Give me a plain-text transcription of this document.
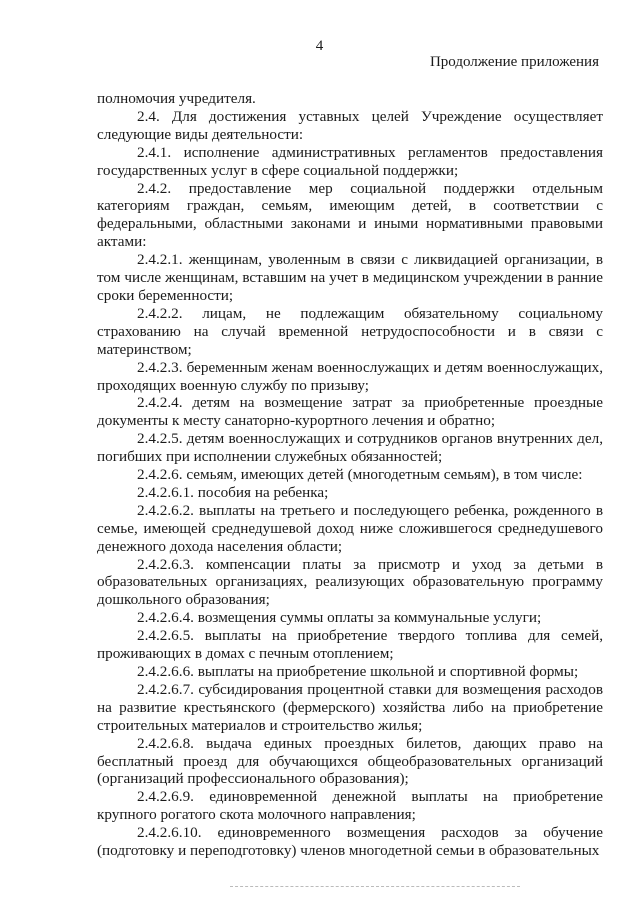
4
Продолжение приложения

полномочия учредителя.

2.4. Для достижения уставных целей Учреждение осуществляет следующие виды деятельности:

2.4.1. исполнение административных регламентов предоставления государственных услуг в сфере социальной поддержки;

2.4.2. предоставление мер социальной поддержки отдельным категориям граждан, семьям, имеющим детей, в соответствии с федеральными, областными законами и иными нормативными правовыми актами:

2.4.2.1. женщинам, уволенным в связи с ликвидацией организации, в том числе женщинам, вставшим на учет в медицинском учреждении в ранние сроки беременности;

2.4.2.2. лицам, не подлежащим обязательному социальному страхованию на случай временной нетрудоспособности и в связи с материнством;

2.4.2.3. беременным женам военнослужащих и детям военнослужащих, проходящих военную службу по призыву;

2.4.2.4. детям на возмещение затрат за приобретенные проездные документы к месту санаторно-курортного лечения и обратно;

2.4.2.5. детям военнослужащих и сотрудников органов внутренних дел, погибших при исполнении служебных обязанностей;

2.4.2.6. семьям, имеющих детей (многодетным семьям), в том числе:

2.4.2.6.1. пособия на ребенка;

2.4.2.6.2. выплаты на третьего и последующего ребенка, рожденного в семье, имеющей среднедушевой доход ниже сложившегося среднедушевого денежного дохода населения области;

2.4.2.6.3. компенсации платы за присмотр и уход за детьми в образовательных организациях, реализующих образовательную программу дошкольного образования;

2.4.2.6.4. возмещения суммы оплаты за коммунальные услуги;

2.4.2.6.5. выплаты на приобретение твердого топлива для семей, проживающих в домах с печным отоплением;

2.4.2.6.6. выплаты на приобретение школьной и спортивной формы;

2.4.2.6.7. субсидирования процентной ставки для возмещения расходов на развитие крестьянского (фермерского) хозяйства либо на приобретение строительных материалов и строительство жилья;

2.4.2.6.8. выдача единых проездных билетов, дающих право на бесплатный проезд для обучающихся общеобразовательных организаций (организаций профессионального образования);

2.4.2.6.9. единовременной денежной выплаты на приобретение крупного рогатого скота молочного направления;

2.4.2.6.10. единовременного возмещения расходов за обучение (подготовку и переподготовку) членов многодетной семьи в образовательных
